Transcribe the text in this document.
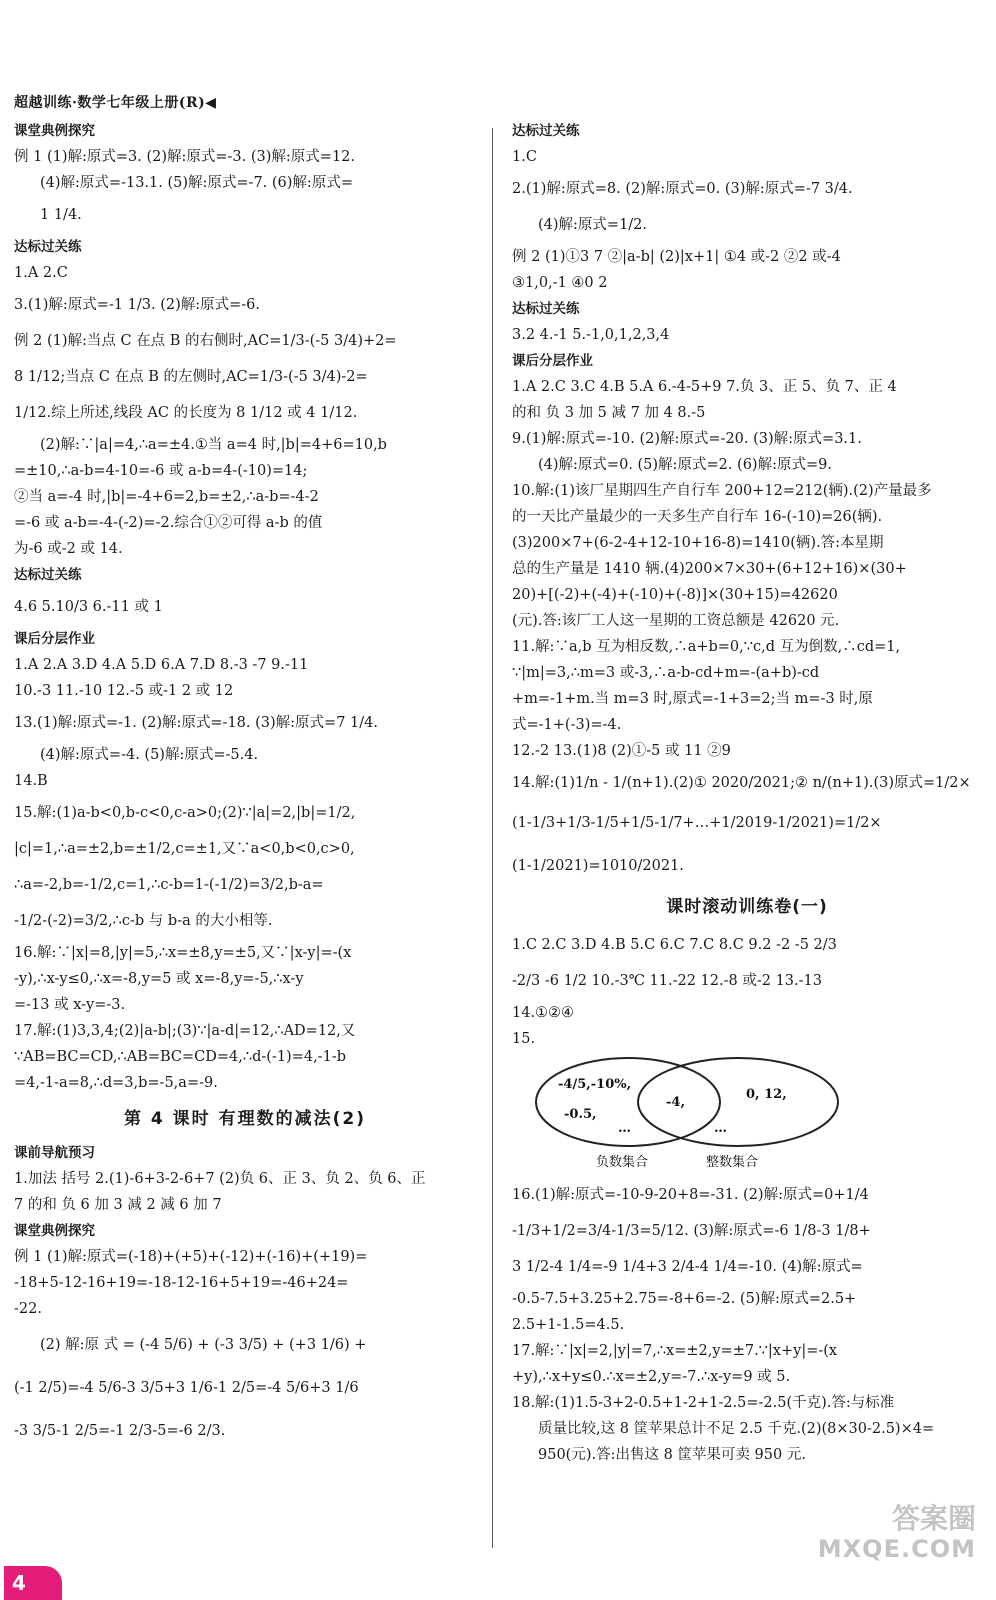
超越训练·数学七年级上册(R)◀
课堂典例探究
例 1 (1)解:原式=3. (2)解:原式=-3. (3)解:原式=12.
(4)解:原式=-13.1. (5)解:原式=-7. (6)解:原式=
1 1/4.
达标过关练
1.A 2.C
3.(1)解:原式=-1 1/3. (2)解:原式=-6.
例 2 (1)解:当点 C 在点 B 的右侧时,AC=1/3-(-5 3/4)+2=
8 1/12;当点 C 在点 B 的左侧时,AC=1/3-(-5 3/4)-2=
1/12.综上所述,线段 AC 的长度为 8 1/12 或 4 1/12.
(2)解:∵|a|=4,∴a=±4.①当 a=4 时,|b|=4+6=10,b
=±10,∴a-b=4-10=-6 或 a-b=4-(-10)=14;
②当 a=-4 时,|b|=-4+6=2,b=±2,∴a-b=-4-2
=-6 或 a-b=-4-(-2)=-2.综合①②可得 a-b 的值
为-6 或-2 或 14.
达标过关练
4.6 5.10/3 6.-11 或 1
课后分层作业
1.A 2.A 3.D 4.A 5.D 6.A 7.D 8.-3 -7 9.-11
10.-3 11.-10 12.-5 或-1 2 或 12
13.(1)解:原式=-1. (2)解:原式=-18. (3)解:原式=7 1/4.
(4)解:原式=-4. (5)解:原式=-5.4.
14.B
15.解:(1)a-b<0,b-c<0,c-a>0;(2)∵|a|=2,|b|=1/2,
|c|=1,∴a=±2,b=±1/2,c=±1,又∵a<0,b<0,c>0,
∴a=-2,b=-1/2,c=1,∴c-b=1-(-1/2)=3/2,b-a=
-1/2-(-2)=3/2,∴c-b 与 b-a 的大小相等.
16.解:∵|x|=8,|y|=5,∴x=±8,y=±5,又∵|x-y|=-(x
-y),∴x-y≤0,∴x=-8,y=5 或 x=-8,y=-5,∴x-y
=-13 或 x-y=-3.
17.解:(1)3,3,4;(2)|a-b|;(3)∵|a-d|=12,∴AD=12,又
∵AB=BC=CD,∴AB=BC=CD=4,∴d-(-1)=4,-1-b
=4,-1-a=8,∴d=3,b=-5,a=-9.
第 4 课时 有理数的减法(2)
课前导航预习
1.加法 括号 2.(1)-6+3-2-6+7 (2)负 6、正 3、负 2、负 6、正
7 的和 负 6 加 3 减 2 减 6 加 7
课堂典例探究
例 1 (1)解:原式=(-18)+(+5)+(-12)+(-16)+(+19)=
-18+5-12-16+19=-18-12-16+5+19=-46+24=
-22.
(2) 解:原 式 = (-4 5/6) + (-3 3/5) + (+3 1/6) +
(-1 2/5)=-4 5/6-3 3/5+3 1/6-1 2/5=-4 5/6+3 1/6
-3 3/5-1 2/5=-1 2/3-5=-6 2/3.
达标过关练
1.C
2.(1)解:原式=8. (2)解:原式=0. (3)解:原式=-7 3/4.
(4)解:原式=1/2.
例 2 (1)①3 7 ②|a-b| (2)|x+1| ①4 或-2 ②2 或-4
③1,0,-1 ④0 2
达标过关练
3.2 4.-1 5.-1,0,1,2,3,4
课后分层作业
1.A 2.C 3.C 4.B 5.A 6.-4-5+9 7.负 3、正 5、负 7、正 4
的和 负 3 加 5 减 7 加 4 8.-5
9.(1)解:原式=-10. (2)解:原式=-20. (3)解:原式=3.1.
(4)解:原式=0. (5)解:原式=2. (6)解:原式=9.
10.解:(1)该厂星期四生产自行车 200+12=212(辆).(2)产量最多
的一天比产量最少的一天多生产自行车 16-(-10)=26(辆).
(3)200×7+(6-2-4+12-10+16-8)=1410(辆).答:本星期
总的生产量是 1410 辆.(4)200×7×30+(6+12+16)×(30+
20)+[(-2)+(-4)+(-10)+(-8)]×(30+15)=42620
(元).答:该厂工人这一星期的工资总额是 42620 元.
11.解:∵a,b 互为相反数,∴a+b=0,∵c,d 互为倒数,∴cd=1,
∵|m|=3,∴m=3 或-3,∴a-b-cd+m=-(a+b)-cd
+m=-1+m.当 m=3 时,原式=-1+3=2;当 m=-3 时,原
式=-1+(-3)=-4.
12.-2 13.(1)8 (2)①-5 或 11 ②9
14.解:(1)1/n - 1/(n+1).(2)① 2020/2021;② n/(n+1).(3)原式=1/2×
(1-1/3+1/3-1/5+1/5-1/7+…+1/2019-1/2021)=1/2×
(1-1/2021)=1010/2021.
课时滚动训练卷(一)
1.C 2.C 3.D 4.B 5.C 6.C 7.C 8.C 9.2 -2 -5 2/3
-2/3 -6 1/2 10.-3℃ 11.-22 12.-8 或-2 13.-13
14.①②④
15.
-4/5,-10%,
-0.5,
…
-4,
0, 12,
…
负数集合	整数集合
16.(1)解:原式=-10-9-20+8=-31. (2)解:原式=0+1/4
-1/3+1/2=3/4-1/3=5/12. (3)解:原式=-6 1/8-3 1/8+
3 1/2-4 1/4=-9 1/4+3 2/4-4 1/4=-10. (4)解:原式=
-0.5-7.5+3.25+2.75=-8+6=-2. (5)解:原式=2.5+
2.5+1-1.5=4.5.
17.解:∵|x|=2,|y|=7,∴x=±2,y=±7.∵|x+y|=-(x
+y),∴x+y≤0.∴x=±2,y=-7.∴x-y=9 或 5.
18.解:(1)1.5-3+2-0.5+1-2+1-2.5=-2.5(千克).答:与标准
质量比较,这 8 筐苹果总计不足 2.5 千克.(2)(8×30-2.5)×4=
950(元).答:出售这 8 筐苹果可卖 950 元.
4
答案圈
MXQE.COM
